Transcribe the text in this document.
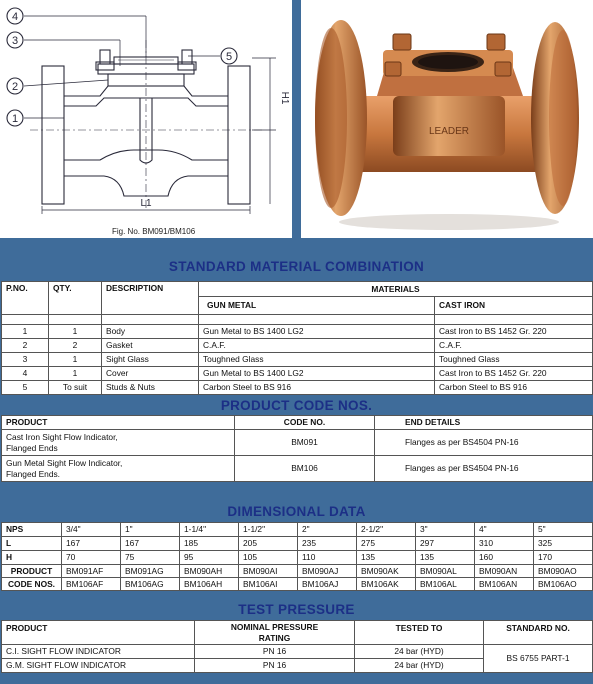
4
3
2
1
5
L1
H1
Fig. No. BM091/BM106
LEADER
STANDARD MATERIAL COMBINATION
P.NO.	QTY.	DESCRIPTION	MATERIALS	
			GUN METAL	CAST IRON

1	1	Body	Gun Metal to BS 1400 LG2	Cast Iron to BS 1452 Gr. 220
2	2	Gasket	C.A.F.	C.A.F.
3	1	Sight Glass	Toughned Glass	Toughned Glass
4	1	Cover	Gun Metal to BS 1400 LG2	Cast Iron to BS 1452 Gr. 220
5	To suit	Studs & Nuts	Carbon Steel to BS 916	Carbon Steel to BS 916
PRODUCT CODE NOS.
PRODUCT	CODE NO.	END DETAILS

Cast Iron Sight Flow Indicator,
Flanged Ends	BM091	Flanges as per BS4504 PN-16

Gun Metal Sight Flow Indicator,
Flanged Ends.	BM106	Flanges as per BS4504 PN-16
DIMENSIONAL DATA
NPS	3/4"	1"	1-1/4"	1-1/2"	2"	2-1/2"	3"	4"	5"
L	167	167	185	205	235	275	297	310	325
H	70	75	95	105	110	135	135	160	170
PRODUCT	BM091AF	BM091AG	BM090AH	BM090AI	BM090AJ	BM090AK	BM090AL	BM090AN	BM090AO
CODE NOS.	BM106AF	BM106AG	BM106AH	BM106AI	BM106AJ	BM106AK	BM106AL	BM106AN	BM106AO
TEST PRESSURE
PRODUCT	NOMINAL PRESSURE
RATING	TESTED TO	STANDARD NO.
C.I. SIGHT FLOW INDICATOR	PN 16	24 bar (HYD)	BS 6755 PART-1
G.M. SIGHT FLOW INDICATOR	PN 16	24 bar (HYD)	
